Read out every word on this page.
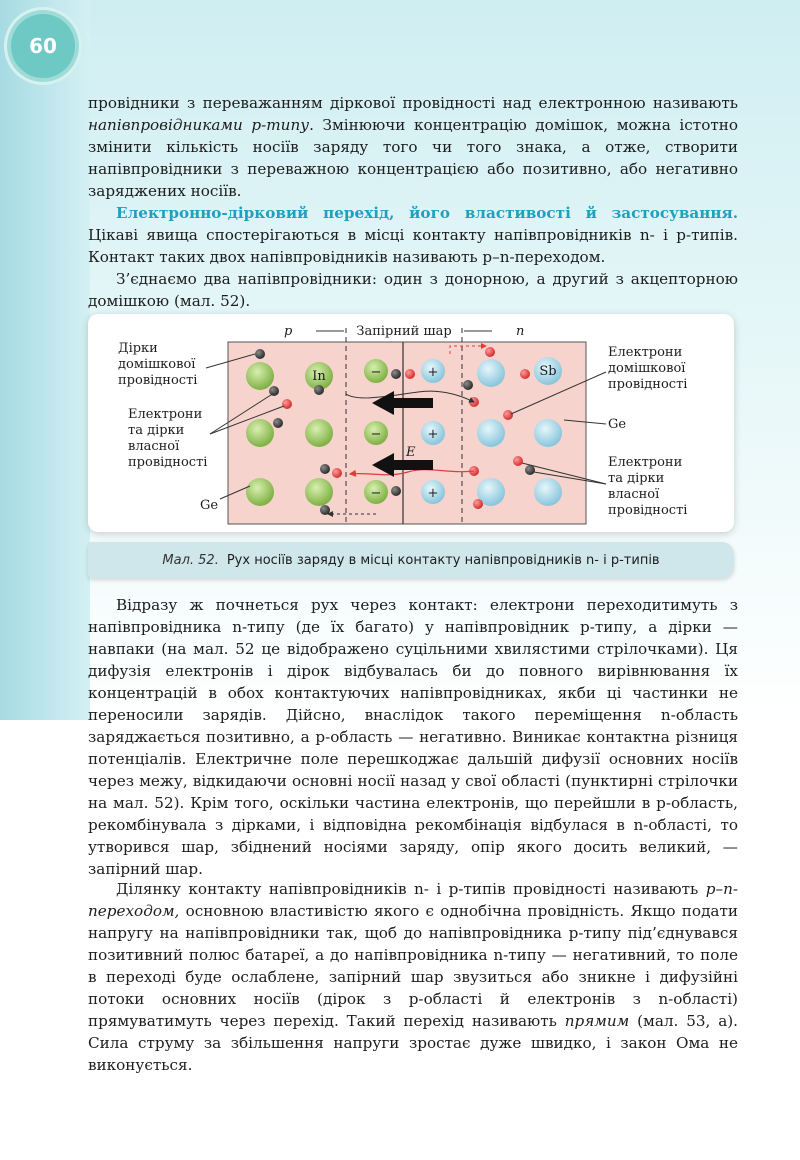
60

провідники з переважанням діркової провідності над електронною називають напівпровідниками p-типу. Змінюючи концентрацію домішок, можна істотно змінити кількість носіїв заряду того чи того знака, а отже, створити напівпровідники з переважною концентрацією або позитивно, або негативно заряджених носіїв.

Електронно-дірковий перехід, його властивості й застосування. Цікаві явища спостерігаються в місці контакту напівпровідників n- і p-типів. Контакт таких двох напівпровідників називають p–n-переходом.

З’єднаємо два напівпровідники: один з донорною, а другий з акцепторною домішкою (мал. 52).

p	Запірний шар	n
In	−
−
−
+
+
+
Sb
E
Дірки
домішкової
провідності
Електрони
та дірки
власної
провідності
Ge
Електрони
домішкової
провідності
Ge
Електрони
та дірки
власної
провідності
Мал. 52. Рух носіїв заряду в місці контакту напівпровідників n- і p-типів

Відразу ж почнеться рух через контакт: електрони переходитимуть з напівпровідника n-типу (де їх багато) у напівпровідник p-типу, а дірки — навпаки (на мал. 52 це відображено суцільними хвилястими стрілочками). Ця дифузія електронів і дірок відбувалась би до повного вирівнювання їх концентрацій в обох контактуючих напівпровідниках, якби ці частинки не переносили зарядів. Дійсно, внаслідок такого переміщення n-область заряджається позитивно, а p-область — негативно. Виникає контактна різниця потенціалів. Електричне поле перешкоджає дальшій дифузії основних носіїв через межу, відкидаючи основні носії назад у свої області (пунктирні стрілочки на мал. 52). Крім того, оскільки частина електронів, що перейшли в p-область, рекомбінувала з дірками, і відповідна рекомбінація відбулася в n-області, то утворився шар, збіднений носіями заряду, опір якого досить великий, — запірний шар.

Ділянку контакту напівпровідників n- і p-типів провідності називають p–n-переходом, основною властивістю якого є однобічна провідність. Якщо подати напругу на напівпровідники так, щоб до напівпровідника p-типу під’єднувався позитивний полюс батареї, а до напівпровідника n-типу — негативний, то поле в переході буде ослаблене, запірний шар звузиться або зникне і дифузійні потоки основних носіїв (дірок з p-області й електронів з n-області) прямуватимуть через перехід. Такий перехід називають прямим (мал. 53, а). Сила струму за збільшення напруги зростає дуже швидко, і закон Ома не виконується.
